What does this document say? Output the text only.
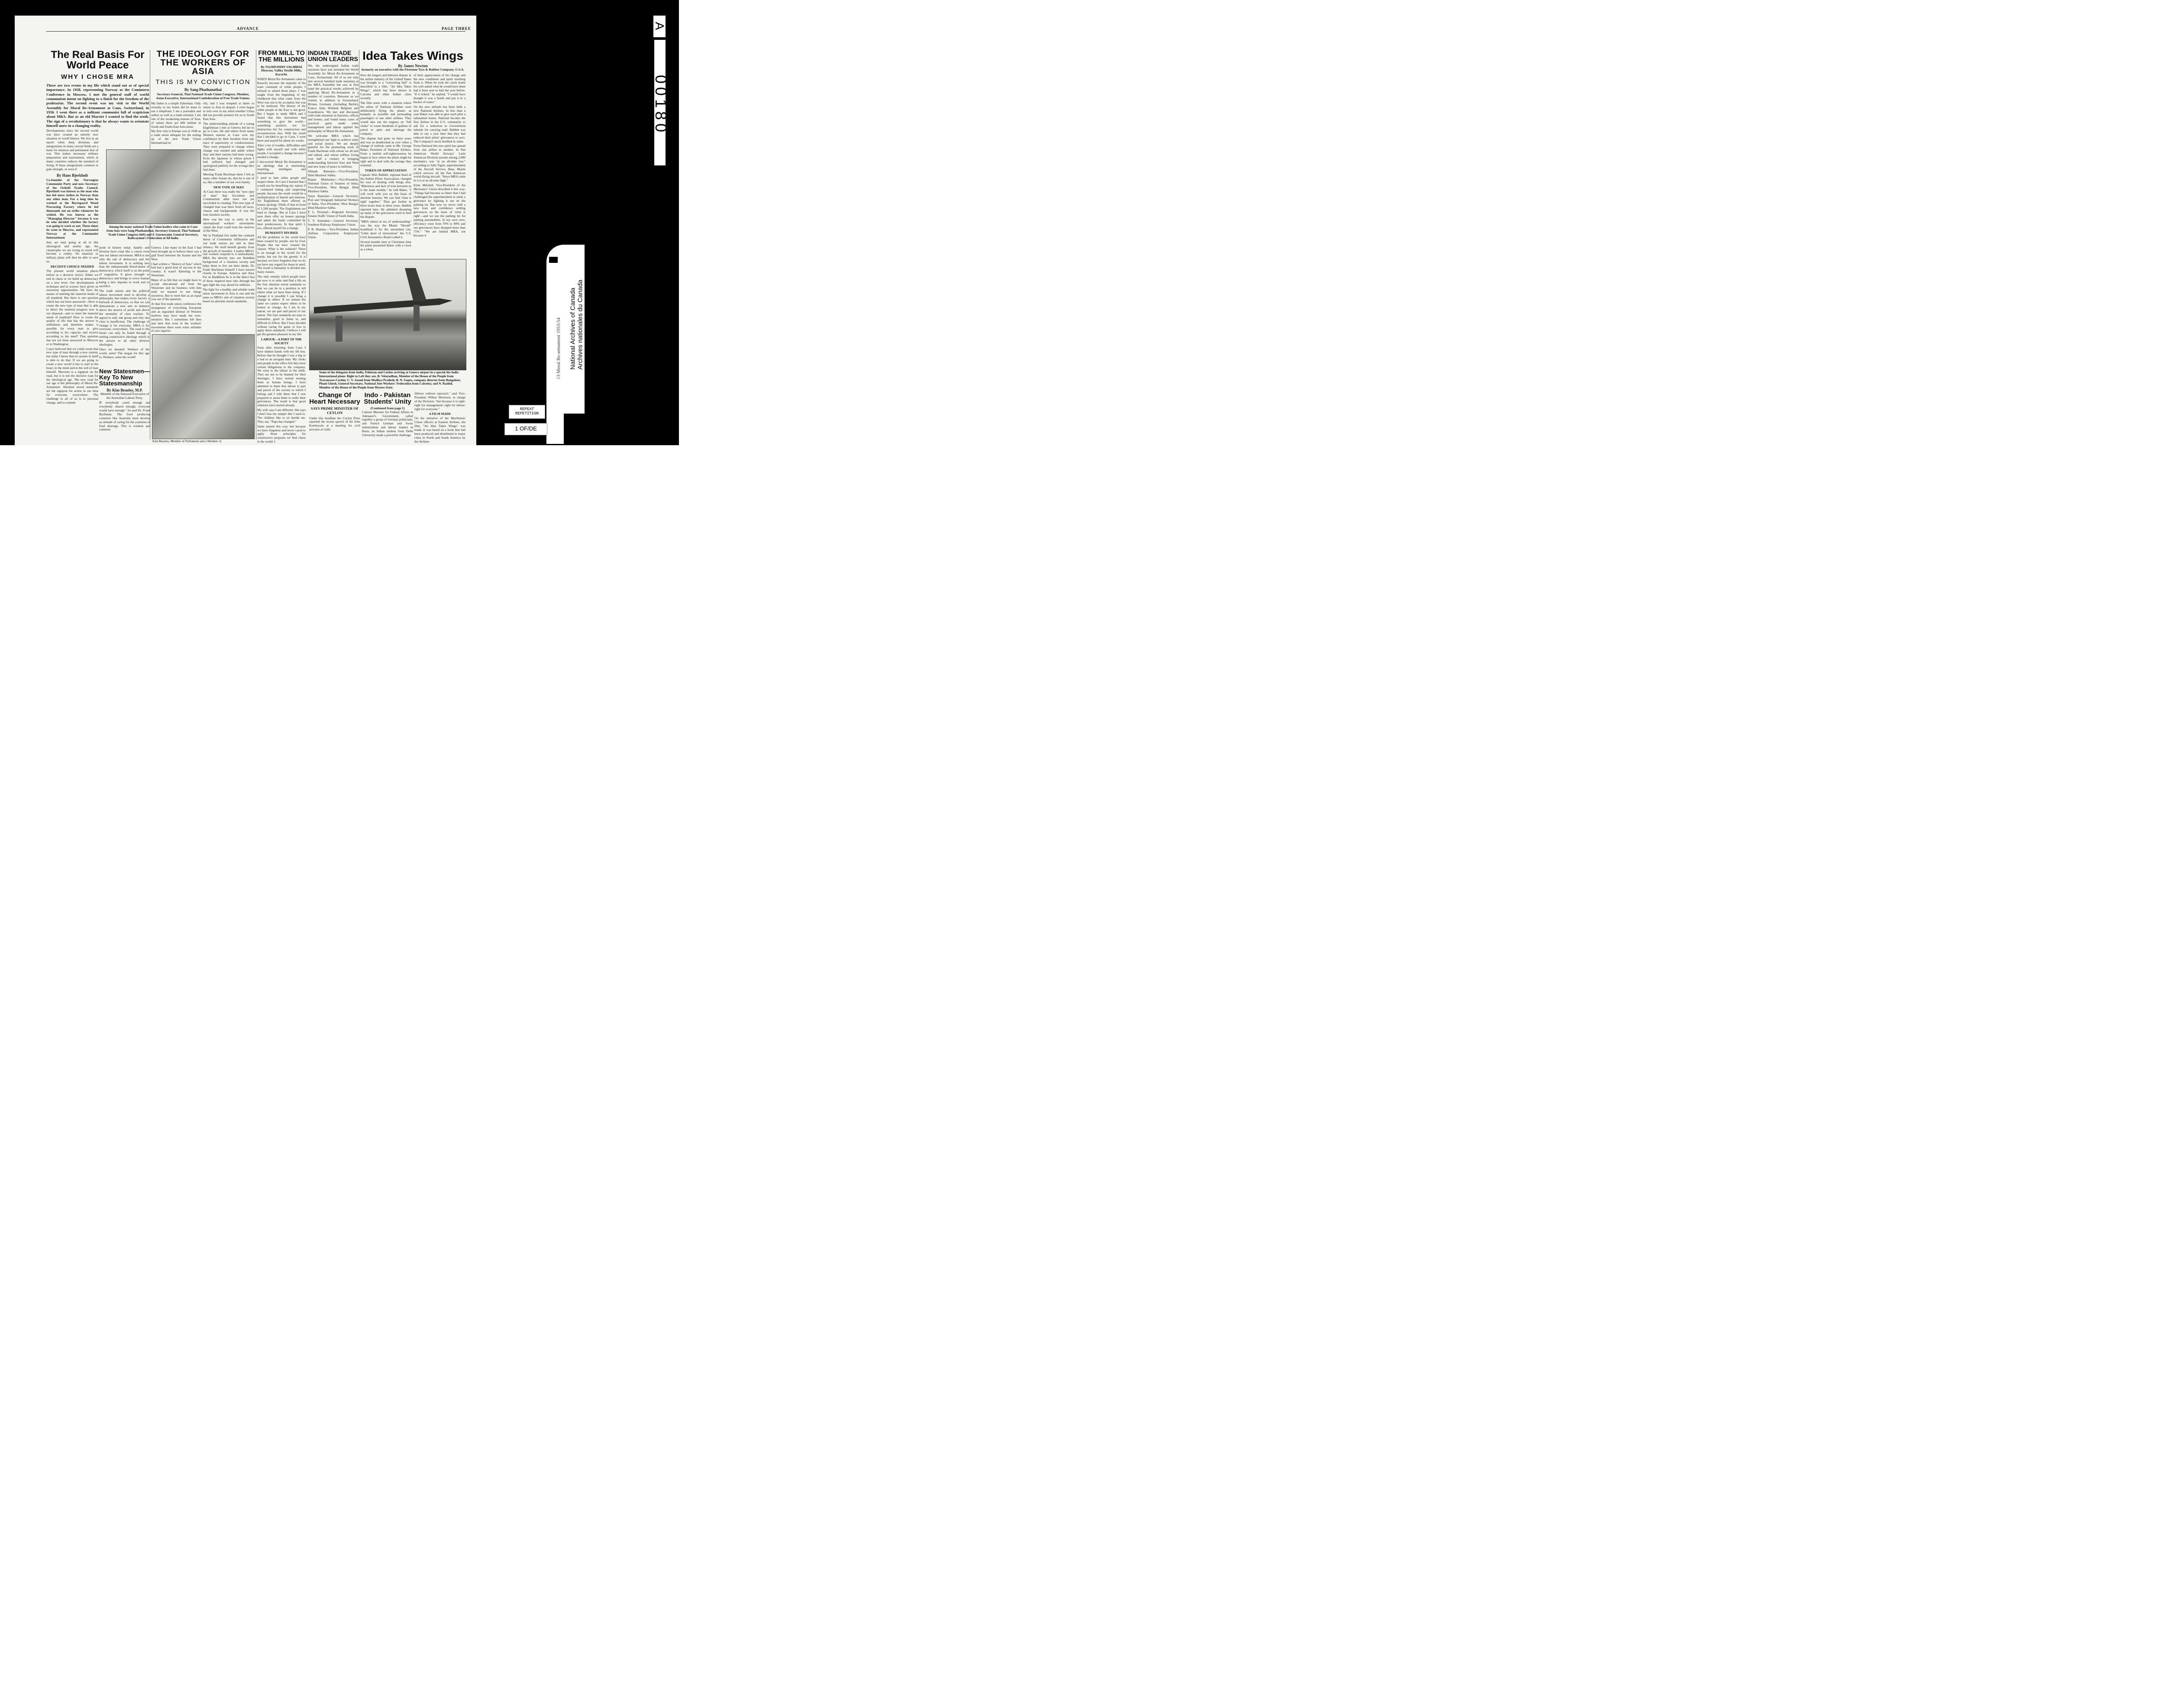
ADVANCE	PAGE THREE
The Real Basis For World Peace
WHY I CHOSE MRA

There are two events in my life which stand out as of special importance. In 1928, representing Norway at the Comintern Conference in Moscow, I met the general staff of world communism intent on fighting to a finish for the freedom of the proletariat. The second event was my visit to the World Assembly for Moral Re-Armament at Caux, Switzerland, in 1950. I went there as a militant communist full of scepticism about MRA. But as an old Marxist I wanted to find the truth. The sign of a revolutionary is that he always wants to orientate himself anew in a changing reality.

Developments since the second world war have created an entirely new situation in world history. We live in an epoch when deep divisions and antagonisms in many crucial fields are a basis for mistrust and permanent fear of war. This makes necessary military preparation and rearmament, which in many countries reduces the standard of living. If these antagonisms continue to gain strength, or even if

By Hans Bjerkholt

Co-founder of the Norwegian Communist Party and now Secretary of the Ostfold Trades Council. Bjerkholt was known as the man who has led more strikes in Norway than any other man. For a long time he worked at the Borregaard Wood Processing Factory where he led thousands out on strike whenever he wished. He was known as the "Managing Director" because it was he who decided whether the factory was going to work or not. Three times he went to Moscow, and represented Norway at the Communist International.

they are kept going at all in this ideological and atomic age, the catastrophe we are trying to avoid will become a reality. No material or military plans will then be able to save us.

DECISIVE CHOICE NEEDED

The present world situation places before us a decisive choice. Either we end in chaos or we build up democracy on a new level. Our developments in technique and in science have given us enormous opportunities. We have the means of meeting the material needs of all mankind. But there is one question which has not been answered:—How to create the new type of man that is able to direct the material progress now at our disposal—and so meet the material needs of mankind? How to create the quality of life that has the answer to selfishness and therefore makes it possible for every man to give according to his capacity and receive according to his need? That question has not yet been answered in Moscow or in Washington.

I once believed that we could create that new type of man through a new system, but today I know that no system in itself is able to do that. If we are going to create a new world it has to start in the heart, in the mind and in the will of man himself. Marxism is a signpost on the road, but it is not the decisive road for the ideological age. The new road for our age is the philosophy of Moral Re-Armament. Absolute moral standards are the signpost for action in our time for everyone, everywhere. The challenge to all of us is to personal change, and to commit

THE IDEOLOGY FOR THE WORKERS OF ASIA
THIS IS MY CONVICTION
By Sang Phathanothai
Secretary-General, Thai National Trade Union Congress. Member, Asian Executive, International Confederation of Free Trade Unions.

My father is a simple fisherman. Only recently in my home did he learn to use a telephone. I am a journalist and author as well as a trade unionist. I am one of the awakening masses of Asia, of whom there are 600 million in South and South-East Asia alone.

My first visit to Europe was in 1949 as a trade union delegate for the setting up of the new Trade Union International in

rity, and I was tempted at times to return to Asia in despair. I even began to turn over in my mind whether China did not provide pointers for us in South East Asia.

The understanding attitude of a young Englishman I met at Geneva led me to go to Caux. He and others from many Western nations at Caux won my confidence by their freedom from any trace of superiority or condescension. They were prepared to change where change was needed and admit where they and their nations had been wrong. Even the Japanese in whose prison I had suffered had changed and apologized publicly for the wrongs they had done.

Meeting Frank Buchman there I felt as many other Asians do, that he is one of us, like a member of our own family.

NEW TYPE OF MAN

At Caux there was really the "new type of man" that Socialism and Communism alike have not yet succeeded in creating. This new type of changed man was there from all races, classes and backgrounds. It was the true classless society.

Here was the way to unity in the international workers' movements where the East could trust the motives of the West.

We in Thailand live under the constant threat of Communist infiltration and our trade unions are still in their infancy. We shall benefit greatly from the growth of morality. I realise MRA's

Our workers respond to it immediately. MRA fits directly into our Buddhist background of a classless society and helps them to live out their ideals. Dr. Frank Buchman himself I have known closely in Europe, America and Asia. For us Buddhists he is in the direct line of those inspired men who through the ages light the way ahead for millions.

The fight for a healthy and reliable trade union movement in Asia is one and the same as MRA's aim of classless society based on absolute moral standards.

Among the many national Trade Union leaders who came to Caux from Asia were Sang Phathanothai, Secretary-General, Thai National Trade Union Congress (left) and S. Guruswami, General Secretary, Railwaymen's Federation of All India.

point in history today. Apathy and division have crept like a cancer even into our labour movement. MRA is not only the salt of democracy and the labour movement. It is nothing less than the indispensable blood-donor of democracy, which itself is on the point of stagnation. It gives strength to democracy and brings to every human being a new impulse to work and to sacrifice.

The trade unions and the political labour movement need to develop a philosophy that makes every factory a bulwark of democracy, so that we can demonstrate a new aim in industry above the motive of profit and above the mentality of class warfare. To appeal to only one group and only one class is insufficient. The challenge of change is for everyone. MRA is for everyone, everywhere. The road to the future can only be found through a uniting constructive ideology which is the answer to all other divisive ideologies.

Once we shouted: Workers of the world, unite! The slogan for this age is: Workers, unite the world!

Geneva. Like many in the East I had been brought up to believe there was a gulf fixed between the Asians and the West.

I had written a "History of Asia" which had had a good deal of success in my country. It wasn't flattering to the Westerner.

Many of us felt that we might have to accept educational aid from the Westerner and do business with him until we learned to run things ourselves. But to meet him as an equal was out of the question.

At that first trade union conference the strangeness of everything European and an ingrained distrust of Western motives may have made me over-sensitive. But I sometimes felt then and later that even in the workers' movements there were some attitudes of race superio-

New Statesmen—Key To New Statesmanship
By Kim Beazley, M.P.
Member of the National Executive of the Australian Labour Party.

IF everybody cared enough and everybody shared enough, everyone would have enough." So said Dr. Frank Buchman. The food producing countries like Australia must develop an attitude of caring for the countries of food shortage. This is wisdom and common

Kim Beazley, Member of Parliament and a Member of
FROM MILL TO THE MILLIONS
By NAJMUDDIN VALIBHAI
Director, Valika Textile Mills, Karachi.

WHEN Moral Re-Armament came to Karachi, because the majority of the team consisted of white people, I refused to attend those plays. I was taught from the beginning of my childhood that what came from the West was not to be accepted, but was to be analysed. The history of the white people in the East is not good. But I began to study MRA and I found that this movement had something to give the world—something positive, not for destruction but for construction and reconstruction also. With the result that I decided to go to Caux. I went there and stayed for about six weeks.

After a lot of trouble, difficulties and fights with myself and with white people, I accepted a change because I needed a change.

I discovered Moral Re-Armament is an ideology that is interesting, inspiring, intelligent and international.

I used to hate white people and suspect them. At Caux I learned that I would not be benefiting my nation if I continued hating and suspecting people, because the result would be a multiplication of hatred and mistrust. An Englishman there offered an honest apology. Think of that in front of 1,500 people. The Englishmen are hard to change. But at Caux I have seen them offer an honest apology and admit the faults committed by their predecessors. In that spirit I, too, offered myself for a change.

HUMANITY DIVIDED

All the problems in the world have been created by people, not by God. People like me have created the classes. What is the solution? There is an enough in the world for the needy, but not for the greedy. It is because we have forgotten that we do not have any regard for those in need. The result is humanity is divided into many classes.

The only remedy which people have got now is to unite and find a life on the four absolute moral standards so that we can be in a position to tell others what we have been doing. If I change it is possible I can bring a change in others. If we remain the same we cannot expect others to be honest or change. As I am in my nation, we are part and parcel of our nation. The four standards are easy to remember, good to listen to, and difficult to follow. But I have decided without caring for gains or loss to apply these standards. I believe I will get the greatest pleasure in my life.

LABOUR—A PART OF THE SOCIETY

Soon after returning from Caux I have shaken hands with my lift boy. Before that he thought I was a big or a bad or an arrogant man. My clerks and people in the office felt they have certain obligations to the company. We went to the labour in the mills. They are not to be blamed for their shortages. I have started treating them as human beings. I have admitted to them that labour is part and parcel of the society to which I belong and I told them that I was prepared to assist them to settle their grievances. The result is that good relations have started already.

My wife says I am different. She says I don't lose my temper like I used to. The children like to sit beside me. They say, "Papa has changed."

Islam started this way, but because we have forgotten and never cared to apply those principles for constructive purposes we find chaos in the world. I

INDIAN TRADE UNION LEADERS

We, the undersigned Indian trade unionists have just attended the World Assembly for Moral Re-Armament at Caux, Switzerland. All of us not only met several hundred trade unionists at the MRA Assembly but saw at first hand the practical results achieved by applying Moral Re-Armament in a number of countries. Between us we visited, in addition to Switzerland, Britain, Germany (including Berlin), France, Italy, Holland, Belgium and Scandinavia. We met and discussed with trade unionists in factories, offices and homes, and found many cases of practical gains made when management and labour applied the philosophy of Moral Re-Armament.

We welcome MRA which has strengthened our fight to achieve unity and social justice. We are deeply grateful for the pioneering work of Frank Buchman with whom we all met and talked, and whose selfless living over half a century is bringing understanding between East and West and new hope of peace to millions.

Sibnath Banerjee:—Vice-President, Hind Mazdoor Sabha.

Rajani Mukherjee:—Vice-President, National Union of Seamen of India, Vice-President, West Bengal, Hind Mazdoor Sabha.

Satya Banerjee:—General Secretary, Post and Telegraph Industrial Workers of India, Vice-President, West Bengal, Hind Mazdoor Sabha.

P. L. Perumal:—Regional Secretary, Estates Staffs' Union of South India.

T. V. Anandam:—General Secretary, Southern Railway Employees' Union.

P. B. Sharma:—Vice-President, Indian Airlines Corporation Employees' Union.

Idea Takes Wings
By James Newton
formerly an executive with the Firestone Tyre & Rubber Company, U.S.A.

How the longest and bitterest dispute in the airline industry of the United States was brought to a "screeching halt" is described in a film, "An Idea Takes Wings", which has been shown in Calcutta and other Indian cities recently.

The film starts with a situation where the pilots of National Airlines were deliberately flying the planes as bumpily as possible and persuading passengers to use other airlines. They would also run the engines on "full choke" to waste hundreds of gallons of petrol to spite and sabotage the company.

The dispute had gone on three years and was as deadlocked as ever when a change of outlook came to Mr. George Baker, President of National Airlines. From a mulish self-righteousness he began to face where the pilots might be right and to deal with the wrongs they resented.

TOKEN OF APPRECIATION

Captain Slim Babbitt, regional head of the Airline Pilots' Association, changed his way of dealing with things also. "Bitterness and lack of trust between us is the main trouble," he told Baker. "I will work with you on this basis of absolute honesty. We can find 'what is right' together." They got further in three hours than in three years, Babbitt reported later. He admitted dreaming up many of the grievances used to feed the dispute.

"MRA ushers in era of understanding" was the way the Miami "Herald" headlined it for the astonished city. "Little short of miraculous" the U.S. Civil Aeronautics Board called it.

Several months later at Christmas time the pilots presented Baker with a clock as a token

of their appreciation of his change and the new conditions and spirit resulting from it. When he took the clock home his wife asked what he would have done had it been sent to him the year before. "If it ticked," he replied, "I would have thought it was a bomb and put it in a bucket of water."

On the new attitude has been built a new National Airlines. In less than a year Baker was able to give each pilot a substantial bonus. National became the first Airline in the U.S. voluntarily to ask for a reduction in Government subsidy for carrying mail. Babbitt was able to say a year later that they had reduced their pilots' grievances to zero. The Company's stock doubled in value.

From National this new spirit has spread from one airline to another. In Pan American World Airways' Latin American Division morale among 2,800 mechanics was "at an all-time low," according to John Tigert, superintendent of the Aircraft Service, Base, Miami which services all the Pan American world-flying aircraft. "Since MRA came in it is at an all-time high."

Ernie Mitchell, Vice-President of the Mechanics' Union described it this way: "Things had become so bitter that I had challenged the superintendent to settle a grievance by fighting it out on the parking lot. But now we move with a new trust and confidence settling grievances on the basis of 'what is right'—and we use the parking lot for parking automobiles. In my own crew, efficiency went from 70% to 90% and our grievances have dropped more than 75%." "We are behind MRA, not because it

Some of the delegates from India, Pakistan and Ceylon arriving at Geneva airport in a special Air-India International plane. Right to Left they are, R. Velayudhan, Member of the House of the People from Travancore-Cochin; C. V. Jasani from Madhya Pradesh; B. N. Gupta, company director from Bangalore; Phani Ghosh, General Secretary, National Jute Workers' Federation from Calcutta; and N. Rashid, Member of the House of the People from Mysore State.
Change Of Heart Necessary
SAYS PRIME MINISTER OF CEYLON

Under this headline the Ceylon Press reported the recent speech of Sir John Kotelawala at a meeting for civil servants at Galle

Indo - Pakistan Students' Unity
(Continued from page 1)

Cabinet Minister for Federal Affairs in Adenauer's Government, called together a group of German politicians, and French German and Swiss industrialists and labour leaders in Bonn, an Indian student from Delhi University made a powerful challenge

fellows without reproach," said Vice-President Wilbur Morrison, in charge of the Division, "but because it is right: right for management: right for labour: right for everyone."

A FILM MADE

On the initiative of the Machinists' Union officers at Eastern Airlines, the film, "An Idea Takes Wings" was made. It was based on a book that had been produced and distributed to major cities in North and South America by the Airlines

A
00180
13 Moral Re-armament 1953-54 National Archives of Canada Archives nationales du Canada
REPEAT
REPETITION
1 OF/DE
